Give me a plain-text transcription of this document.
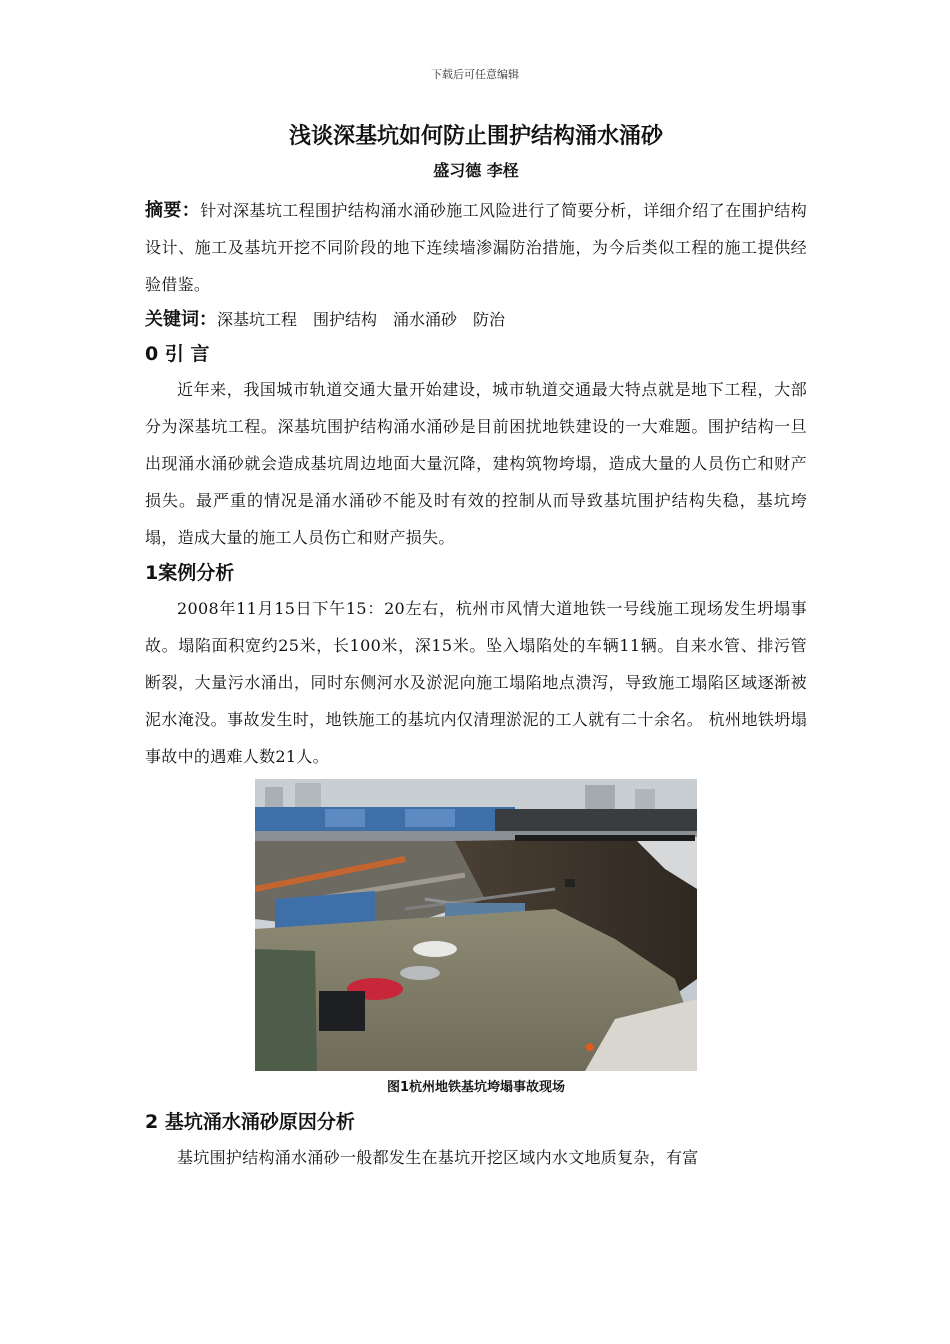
下载后可任意编辑
浅谈深基坑如何防止围护结构涌水涌砂

盛习德 李柽

摘要：针对深基坑工程围护结构涌水涌砂施工风险进行了简要分析，详细介绍了在围护结构设计、施工及基坑开挖不同阶段的地下连续墙渗漏防治措施，为今后类似工程的施工提供经验借鉴。

关键词：深基坑工程 围护结构 涌水涌砂 防治

0 引 言

近年来，我国城市轨道交通大量开始建设，城市轨道交通最大特点就是地下工程，大部分为深基坑工程。深基坑围护结构涌水涌砂是目前困扰地铁建设的一大难题。围护结构一旦出现涌水涌砂就会造成基坑周边地面大量沉降，建构筑物垮塌，造成大量的人员伤亡和财产损失。最严重的情况是涌水涌砂不能及时有效的控制从而导致基坑围护结构失稳，基坑垮塌，造成大量的施工人员伤亡和财产损失。

1案例分析

2008年11月15日下午15：20左右，杭州市风情大道地铁一号线施工现场发生坍塌事故。塌陷面积宽约25米，长100米，深15米。坠入塌陷处的车辆11辆。自来水管、排污管断裂，大量污水涌出，同时东侧河水及淤泥向施工塌陷地点溃泻，导致施工塌陷区域逐渐被泥水淹没。事故发生时，地铁施工的基坑内仅清理淤泥的工人就有二十余名。 杭州地铁坍塌事故中的遇难人数21人。

图1杭州地铁基坑垮塌事故现场

2 基坑涌水涌砂原因分析

基坑围护结构涌水涌砂一般都发生在基坑开挖区域内水文地质复杂，有富
